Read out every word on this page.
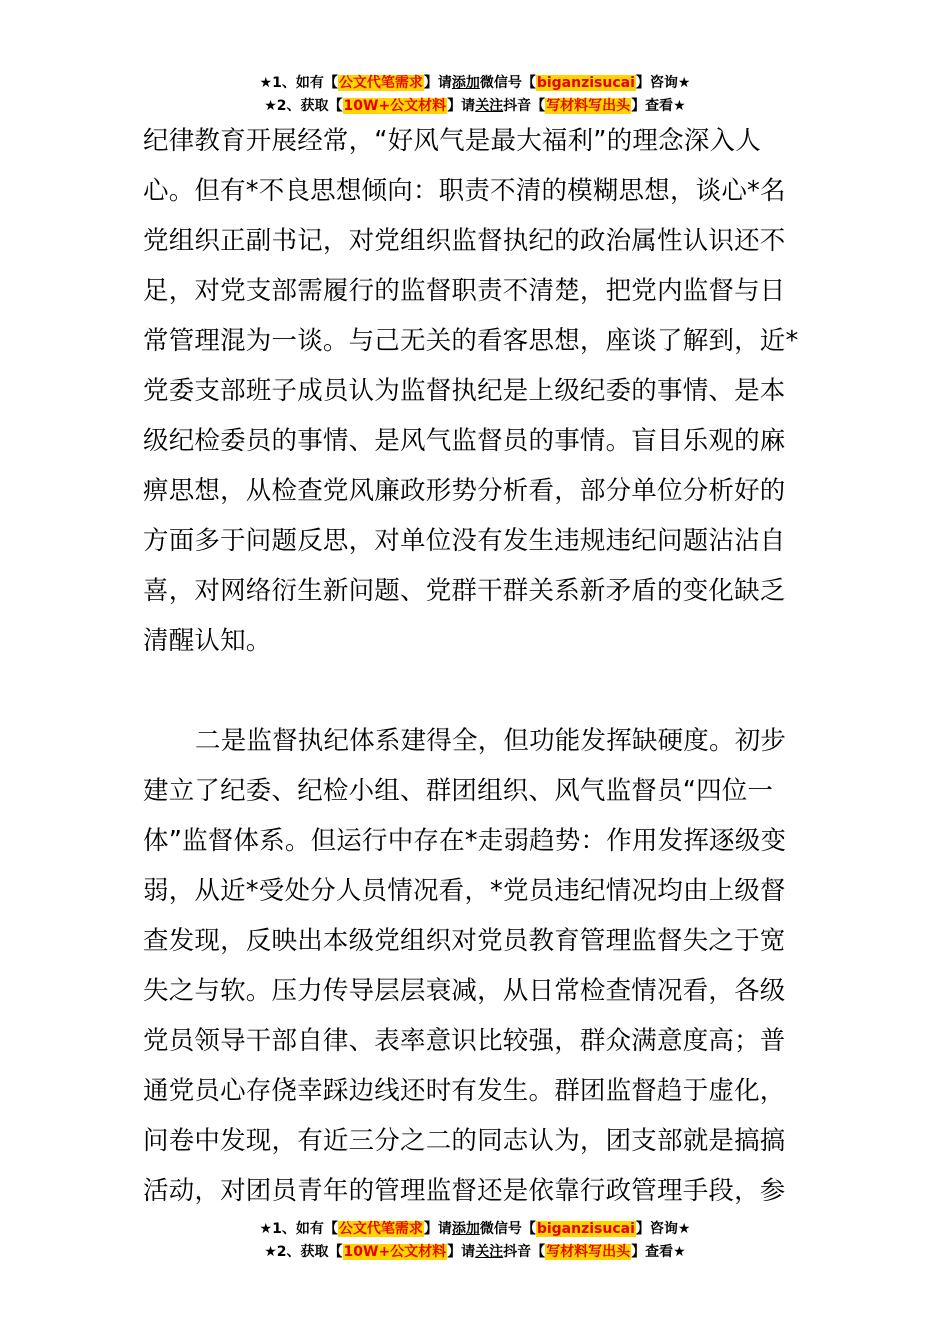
★1、如有【公文代笔需求】请添加微信号【biganzisucai】咨询★
★2、获取【10W+公文材料】请关注抖音【写材料写出头】查看★
纪律教育开展经常，“好风气是最大福利”的理念深入人
心。但有*不良思想倾向：职责不清的模糊思想，谈心*名
党组织正副书记，对党组织监督执纪的政治属性认识还不
足，对党支部需履行的监督职责不清楚，把党内监督与日
常管理混为一谈。与己无关的看客思想，座谈了解到，近*
党委支部班子成员认为监督执纪是上级纪委的事情、是本
级纪检委员的事情、是风气监督员的事情。盲目乐观的麻
痹思想，从检查党风廉政形势分析看，部分单位分析好的
方面多于问题反思，对单位没有发生违规违纪问题沾沾自
喜，对网络衍生新问题、党群干群关系新矛盾的变化缺乏
清醒认知。
二是监督执纪体系建得全，但功能发挥缺硬度。初步
建立了纪委、纪检小组、群团组织、风气监督员“四位一
体”监督体系。但运行中存在*走弱趋势：作用发挥逐级变
弱，从近*受处分人员情况看，*党员违纪情况均由上级督
查发现，反映出本级党组织对党员教育管理监督失之于宽
失之与软。压力传导层层衰减，从日常检查情况看，各级
党员领导干部自律、表率意识比较强，群众满意度高；普
通党员心存侥幸踩边线还时有发生。群团监督趋于虚化，
问卷中发现，有近三分之二的同志认为，团支部就是搞搞
活动，对团员青年的管理监督还是依靠行政管理手段，参
★1、如有【公文代笔需求】请添加微信号【biganzisucai】咨询★
★2、获取【10W+公文材料】请关注抖音【写材料写出头】查看★
